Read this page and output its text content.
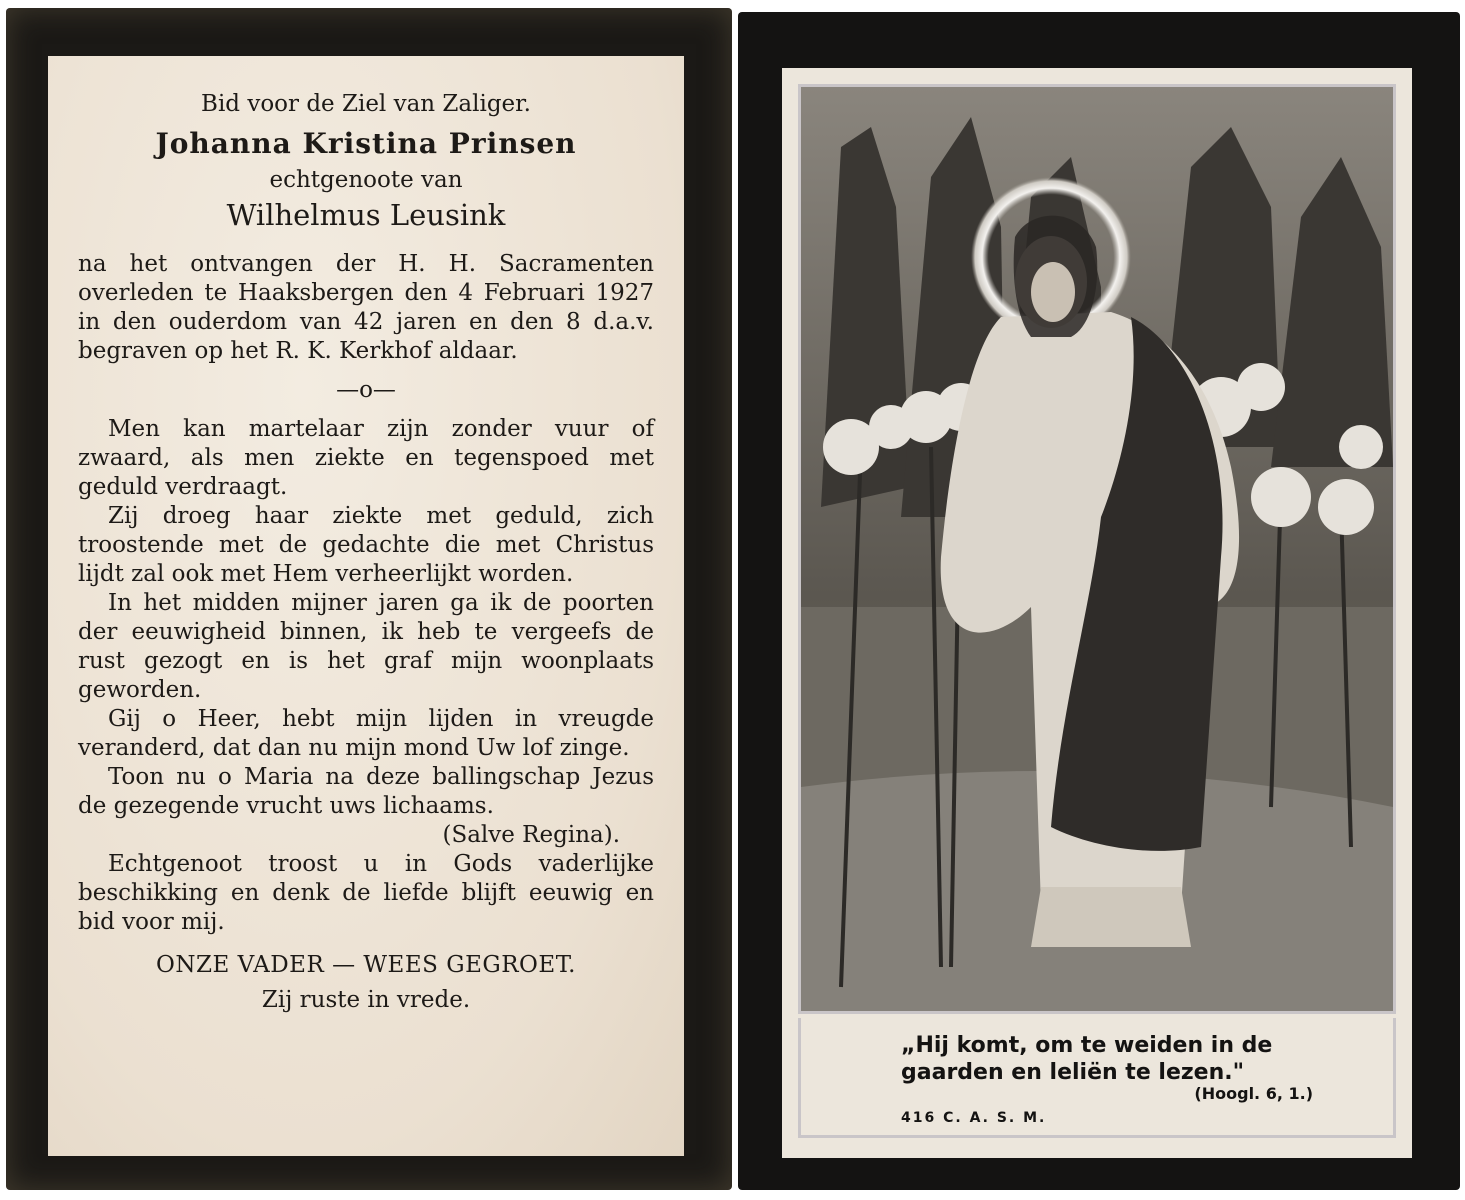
Bid voor de Ziel van Zaliger.
Johanna Kristina Prinsen
echtgenoote van
Wilhelmus Leusink

na het ontvangen der H. H. Sacramenten overleden te Haaksbergen den 4 Februari 1927 in den ouderdom van 42 jaren en den 8 d.a.v. begraven op het R. K. Kerkhof aldaar.

—o—

Men kan martelaar zijn zonder vuur of zwaard, als men ziekte en tegenspoed met geduld verdraagt.

Zij droeg haar ziekte met geduld, zich troostende met de gedachte die met Christus lijdt zal ook met Hem verheerlijkt worden.

In het midden mijner jaren ga ik de poorten der eeuwigheid binnen, ik heb te vergeefs de rust gezogt en is het graf mijn woonplaats geworden.

Gij o Heer, hebt mijn lijden in vreugde veranderd, dat dan nu mijn mond Uw lof zinge.

Toon nu o Maria na deze ballingschap Jezus de gezegende vrucht uws lichaams.

(Salve Regina).

Echtgenoot troost u in Gods vaderlijke beschikking en denk de liefde blijft eeuwig en bid voor mij.

ONZE VADER — WEES GEGROET.
Zij ruste in vrede.
„Hij komt, om te weiden in de
gaarden en leliën te lezen."
(Hoogl. 6, 1.)
416 C. A. S. M.
